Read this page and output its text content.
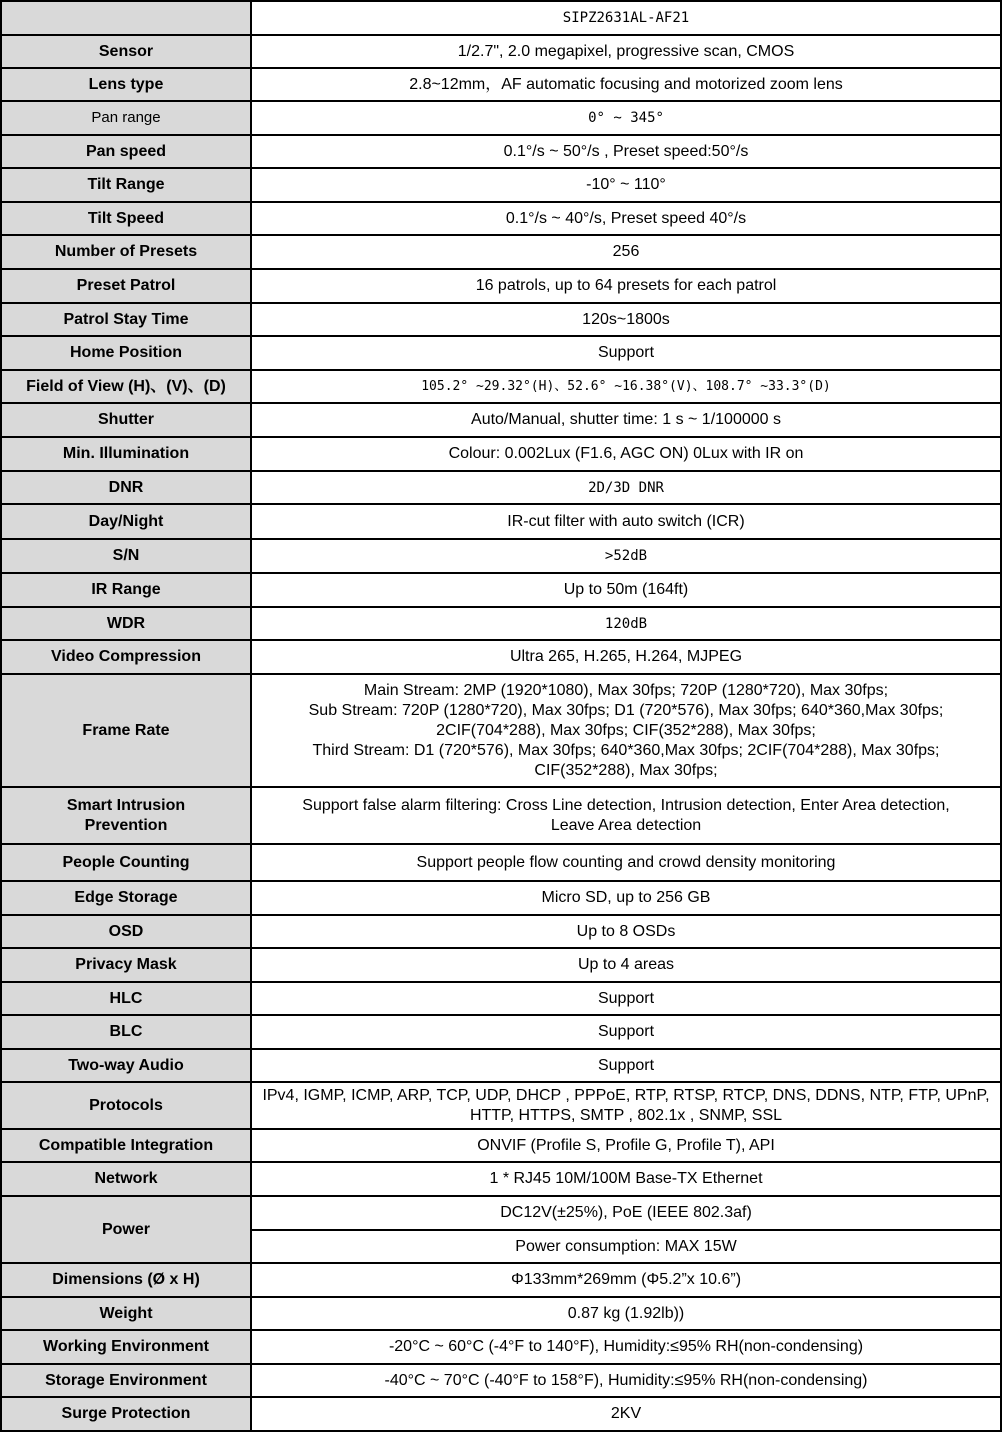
	SIPZ2631AL-AF21
Sensor	1/2.7", 2.0 megapixel, progressive scan, CMOS
Lens type	2.8~12mm，AF automatic focusing and motorized zoom lens
Pan range	0° ~ 345°
Pan speed	0.1°/s ~ 50°/s , Preset speed:50°/s
Tilt Range	-10° ~ 110°
Tilt Speed	0.1°/s ~ 40°/s, Preset speed 40°/s
Number of Presets	256
Preset Patrol	16 patrols, up to 64 presets for each patrol
Patrol Stay Time	120s~1800s
Home Position	Support
Field of View (H)、(V)、(D)	105.2° ~29.32°(H)、52.6° ~16.38°(V)、108.7° ~33.3°(D)
Shutter	Auto/Manual, shutter time: 1 s ~ 1/100000 s
Min. Illumination	Colour: 0.002Lux (F1.6, AGC ON) 0Lux with IR on
DNR	2D/3D DNR
Day/Night	IR-cut filter with auto switch (ICR)
S/N	>52dB
IR Range	Up to 50m (164ft)
WDR	120dB
Video Compression	Ultra 265, H.265, H.264, MJPEG
Frame Rate	Main Stream: 2MP (1920*1080), Max 30fps; 720P (1280*720), Max 30fps;
Sub Stream: 720P (1280*720), Max 30fps; D1 (720*576), Max 30fps; 640*360,Max 30fps;
2CIF(704*288), Max 30fps; CIF(352*288), Max 30fps;
Third Stream: D1 (720*576), Max 30fps; 640*360,Max 30fps; 2CIF(704*288), Max 30fps;
CIF(352*288), Max 30fps;

Smart Intrusion
Prevention	Support false alarm filtering: Cross Line detection, Intrusion detection, Enter Area detection,
Leave Area detection

People Counting	Support people flow counting and crowd density monitoring
Edge Storage	Micro SD, up to 256 GB
OSD	Up to 8 OSDs
Privacy Mask	Up to 4 areas
HLC	Support
BLC	Support
Two-way Audio	Support
Protocols	IPv4, IGMP, ICMP, ARP, TCP, UDP, DHCP , PPPoE, RTP, RTSP, RTCP, DNS, DDNS, NTP, FTP, UPnP,
HTTP, HTTPS, SMTP , 802.1x , SNMP, SSL

Compatible Integration	ONVIF (Profile S, Profile G, Profile T), API
Network	1 * RJ45 10M/100M Base-TX Ethernet
Power	DC12V(±25%), PoE (IEEE 802.3af)
	Power consumption: MAX 15W
Dimensions (Ø x H)	Φ133mm*269mm (Φ5.2”x 10.6”)
Weight	0.87 kg (1.92lb))
Working Environment	-20°C ~ 60°C (-4°F to 140°F), Humidity:≤95% RH(non-condensing)
Storage Environment	-40°C ~ 70°C (-40°F to 158°F), Humidity:≤95% RH(non-condensing)
Surge Protection	2KV
